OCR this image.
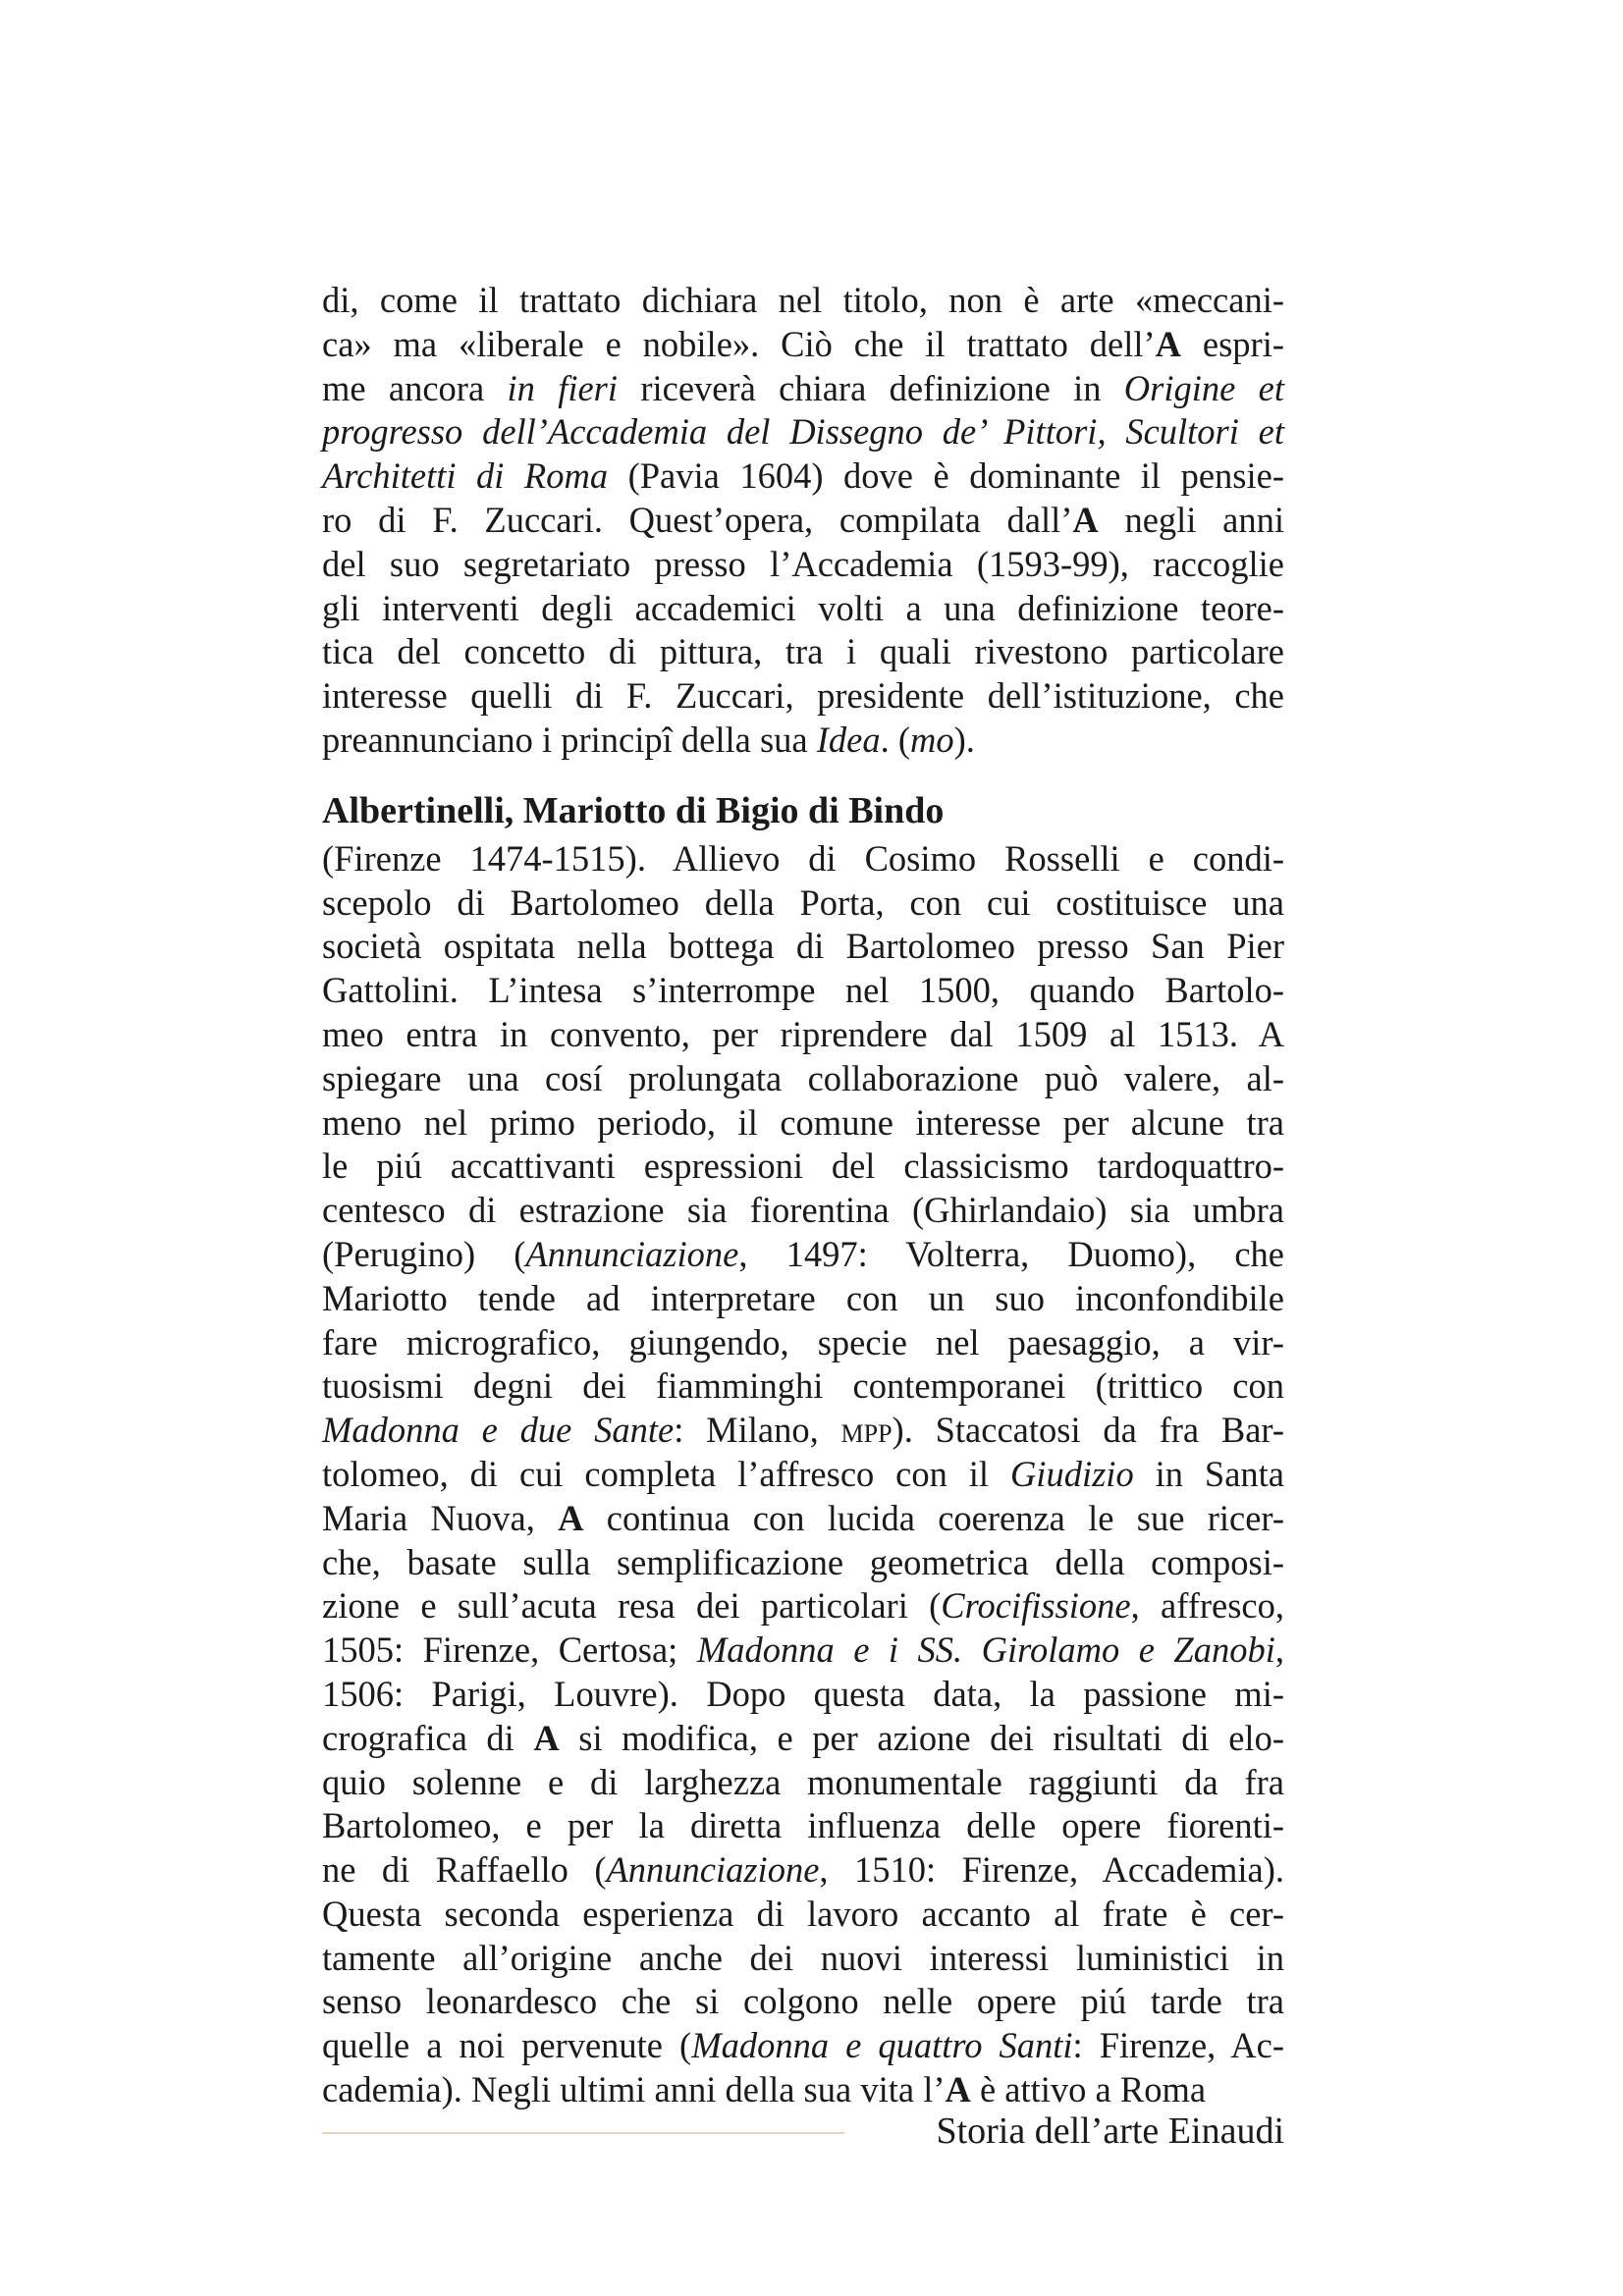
di, come il trattato dichiara nel titolo, non è arte «meccani-
ca» ma «liberale e nobile». Ciò che il trattato dell’A espri-
me ancora in fieri riceverà chiara definizione in Origine et
progresso dell’Accademia del Dissegno de’ Pittori, Scultori et
Architetti di Roma (Pavia 1604) dove è dominante il pensie-
ro di F. Zuccari. Quest’opera, compilata dall’A negli anni
del suo segretariato presso l’Accademia (1593-99), raccoglie
gli interventi degli accademici volti a una definizione teore-
tica del concetto di pittura, tra i quali rivestono particolare
interesse quelli di F. Zuccari, presidente dell’istituzione, che
preannunciano i principî della sua Idea. (mo).
Albertinelli, Mariotto di Bigio di Bindo
(Firenze 1474-1515). Allievo di Cosimo Rosselli e condi-
scepolo di Bartolomeo della Porta, con cui costituisce una
società ospitata nella bottega di Bartolomeo presso San Pier
Gattolini. L’intesa s’interrompe nel 1500, quando Bartolo-
meo entra in convento, per riprendere dal 1509 al 1513. A
spiegare una cosí prolungata collaborazione può valere, al-
meno nel primo periodo, il comune interesse per alcune tra
le piú accattivanti espressioni del classicismo tardoquattro-
centesco di estrazione sia fiorentina (Ghirlandaio) sia umbra
(Perugino) (Annunciazione, 1497: Volterra, Duomo), che
Mariotto tende ad interpretare con un suo inconfondibile
fare micrografico, giungendo, specie nel paesaggio, a vir-
tuosismi degni dei fiamminghi contemporanei (trittico con
Madonna e due Sante: Milano, mpp). Staccatosi da fra Bar-
tolomeo, di cui completa l’affresco con il Giudizio in Santa
Maria Nuova, A continua con lucida coerenza le sue ricer-
che, basate sulla semplificazione geometrica della composi-
zione e sull’acuta resa dei particolari (Crocifissione, affresco,
1505: Firenze, Certosa; Madonna e i SS. Girolamo e Zanobi,
1506: Parigi, Louvre). Dopo questa data, la passione mi-
crografica di A si modifica, e per azione dei risultati di elo-
quio solenne e di larghezza monumentale raggiunti da fra
Bartolomeo, e per la diretta influenza delle opere fiorenti-
ne di Raffaello (Annunciazione, 1510: Firenze, Accademia).
Questa seconda esperienza di lavoro accanto al frate è cer-
tamente all’origine anche dei nuovi interessi luministici in
senso leonardesco che si colgono nelle opere piú tarde tra
quelle a noi pervenute (Madonna e quattro Santi: Firenze, Ac-
cademia). Negli ultimi anni della sua vita l’A è attivo a Roma
Storia dell’arte Einaudi
